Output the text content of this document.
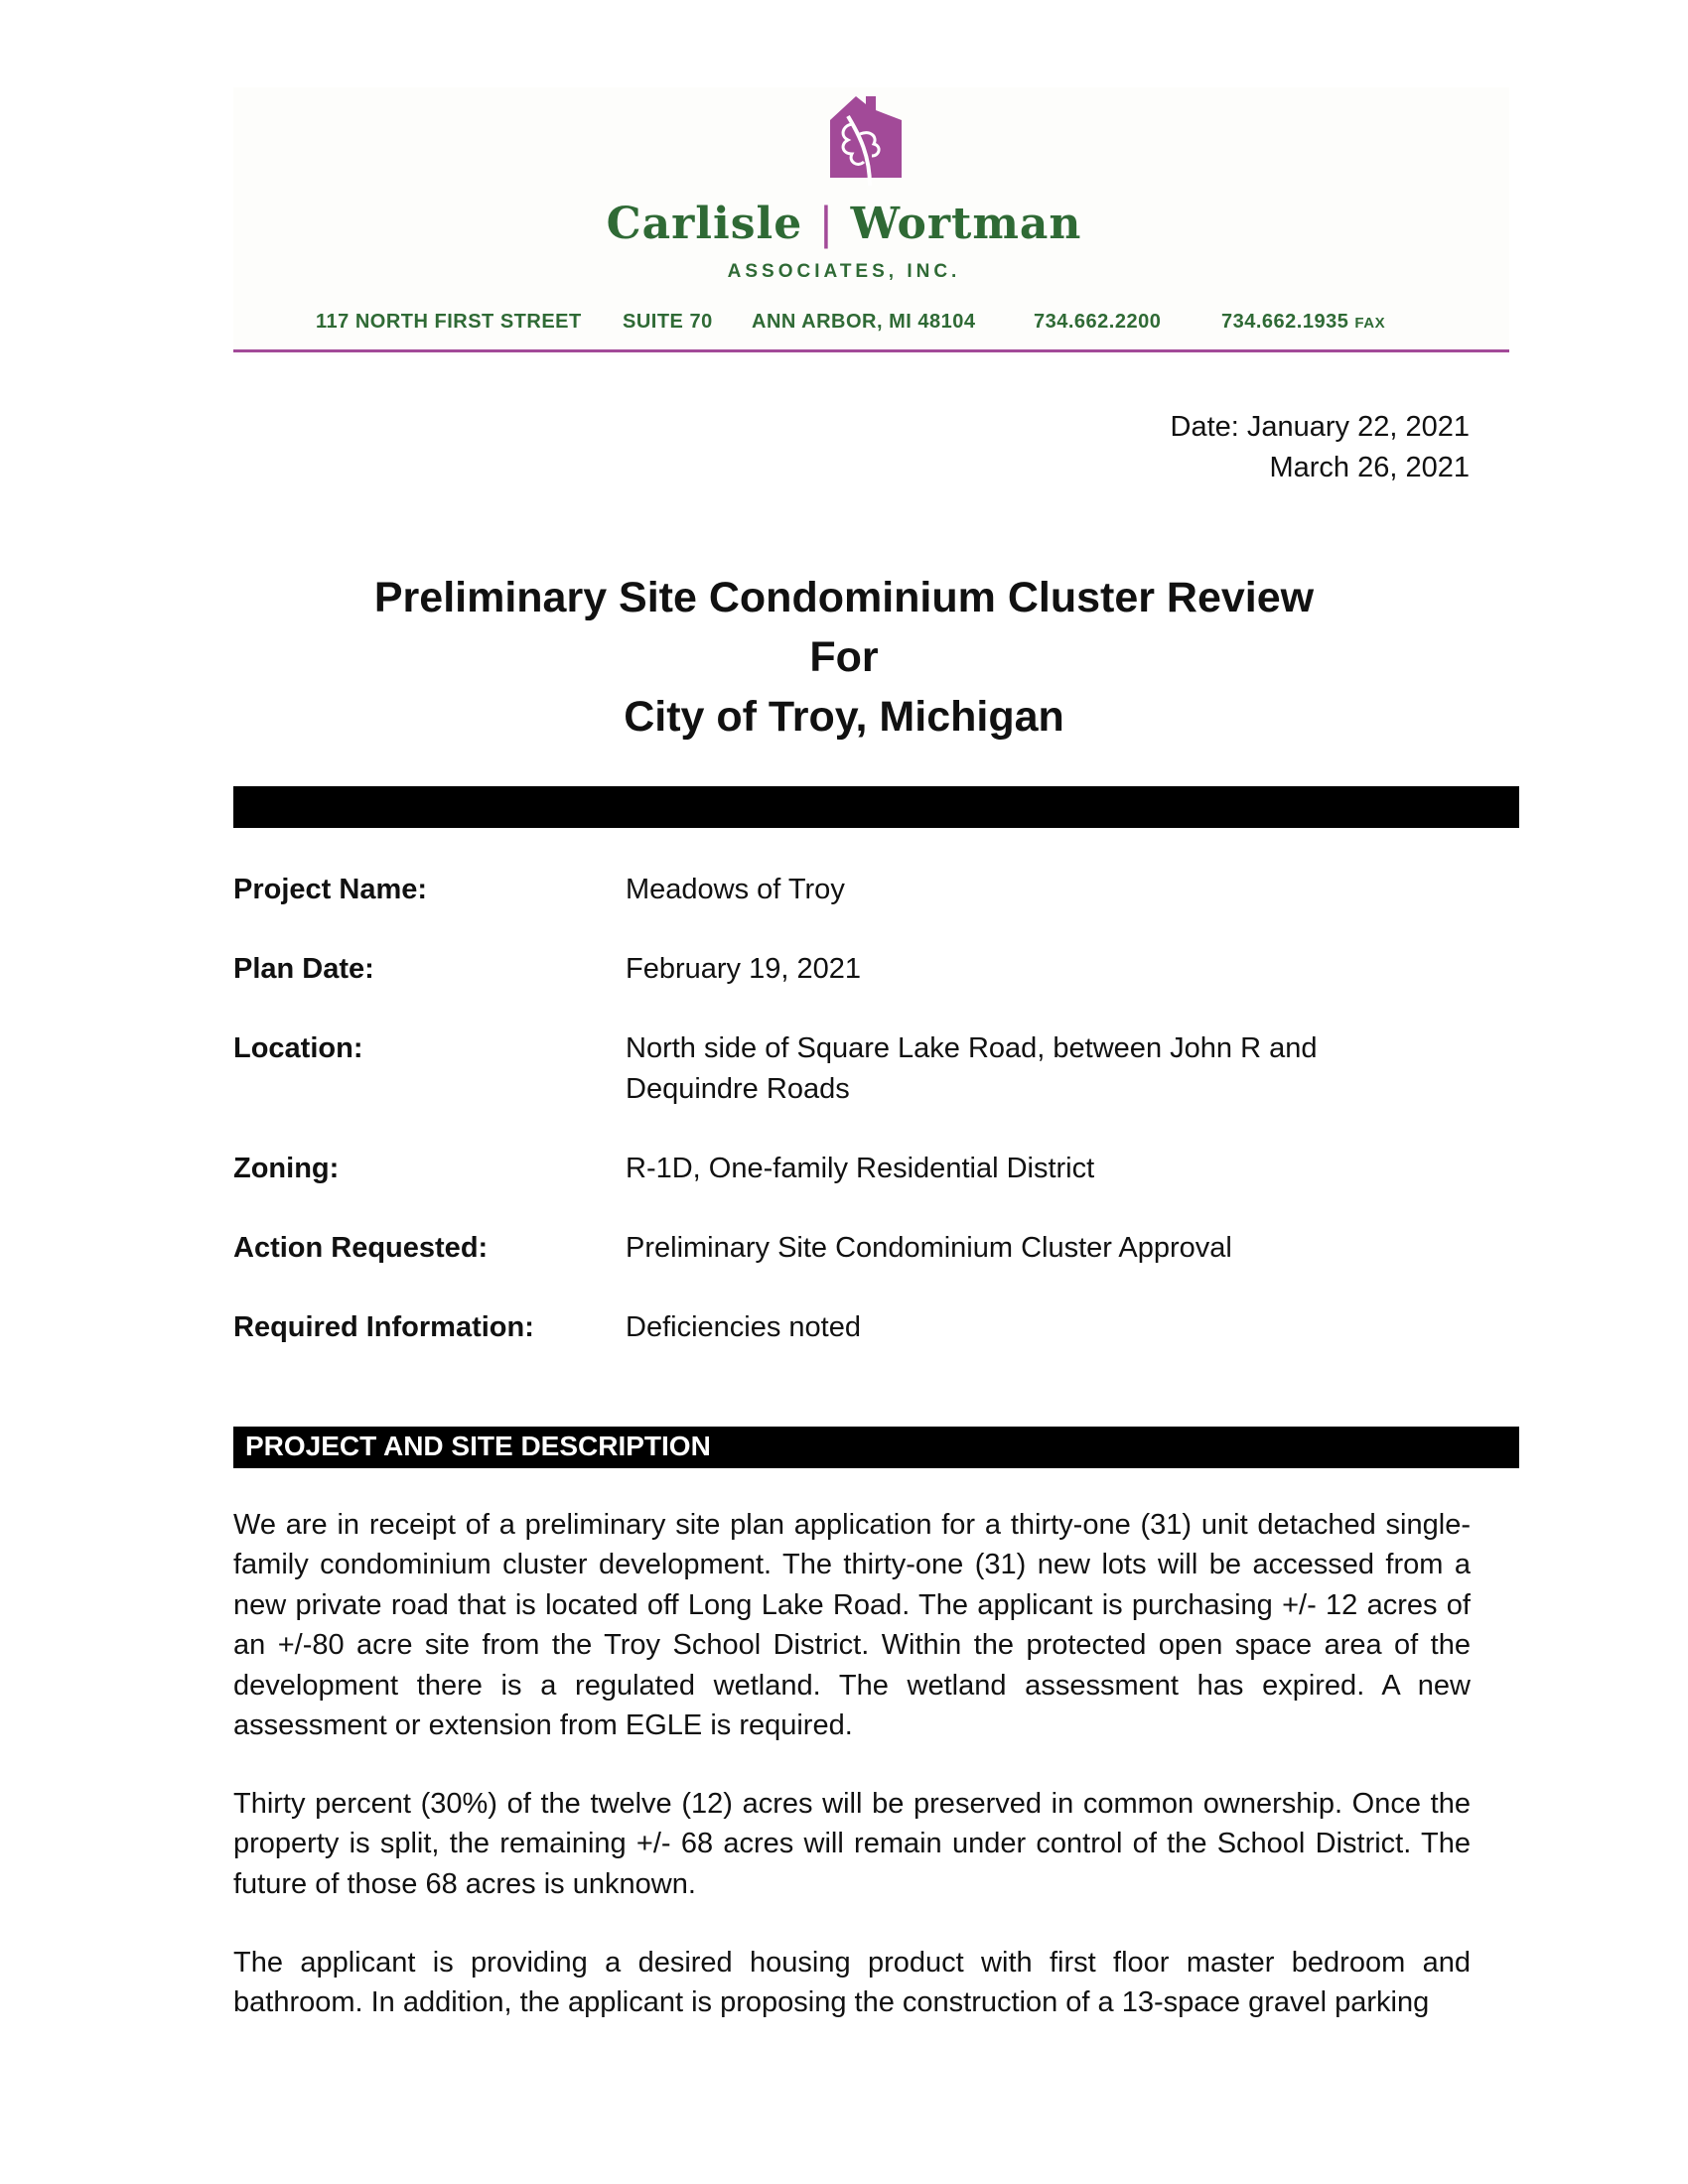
Carlisle | Wortman
ASSOCIATES, INC.
117 NORTH FIRST STREET SUITE 70 ANN ARBOR, MI 48104	734.662.2200	734.662.1935 FAX
Date: January 22, 2021
March 26, 2021
Preliminary Site Condominium Cluster Review
For
City of Troy, Michigan
Project Name:	Meadows of Troy
Plan Date:	February 19, 2021
Location:	North side of Square Lake Road, between John R and Dequindre Roads
Zoning:	R-1D, One-family Residential District
Action Requested:	Preliminary Site Condominium Cluster Approval
Required Information:	Deficiencies noted
PROJECT AND SITE DESCRIPTION
We are in receipt of a preliminary site plan application for a thirty-one (31) unit detached single-family condominium cluster development. The thirty-one (31) new lots will be accessed from a new private road that is located off Long Lake Road. The applicant is purchasing +/- 12 acres of an +/-80 acre site from the Troy School District. Within the protected open space area of the development there is a regulated wetland. The wetland assessment has expired. A new assessment or extension from EGLE is required.
Thirty percent (30%) of the twelve (12) acres will be preserved in common ownership. Once the property is split, the remaining +/- 68 acres will remain under control of the School District. The future of those 68 acres is unknown.
The applicant is providing a desired housing product with first floor master bedroom and bathroom. In addition, the applicant is proposing the construction of a 13-space gravel parking
